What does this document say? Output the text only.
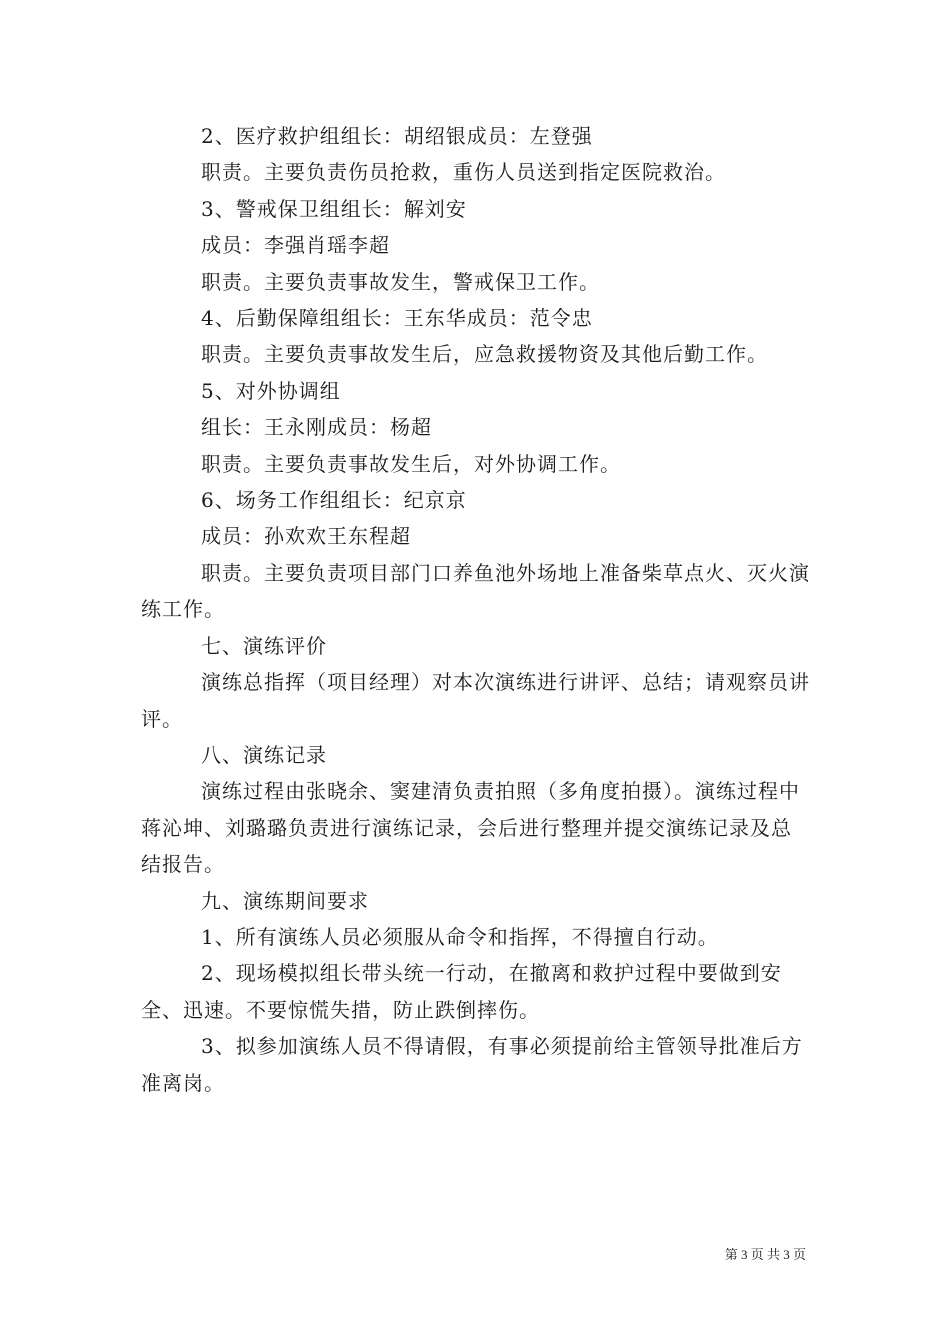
2、医疗救护组组长：胡绍银成员：左登强

职责。主要负责伤员抢救，重伤人员送到指定医院救治。

3、警戒保卫组组长：解刘安

成员：李强肖瑶李超

职责。主要负责事故发生，警戒保卫工作。

4、后勤保障组组长：王东华成员：范令忠

职责。主要负责事故发生后，应急救援物资及其他后勤工作。

5、对外协调组

组长：王永刚成员：杨超

职责。主要负责事故发生后，对外协调工作。

6、场务工作组组长：纪京京

成员：孙欢欢王东程超

职责。主要负责项目部门口养鱼池外场地上准备柴草点火、灭火演练工作。

七、演练评价

演练总指挥（项目经理）对本次演练进行讲评、总结；请观察员讲评。

八、演练记录

演练过程由张晓余、窦建清负责拍照（多角度拍摄）。演练过程中蒋沁坤、刘璐璐负责进行演练记录，会后进行整理并提交演练记录及总结报告。

九、演练期间要求

1、所有演练人员必须服从命令和指挥，不得擅自行动。

2、现场模拟组长带头统一行动，在撤离和救护过程中要做到安全、迅速。不要惊慌失措，防止跌倒摔伤。

3、拟参加演练人员不得请假，有事必须提前给主管领导批准后方准离岗。

第 3 页 共 3 页
